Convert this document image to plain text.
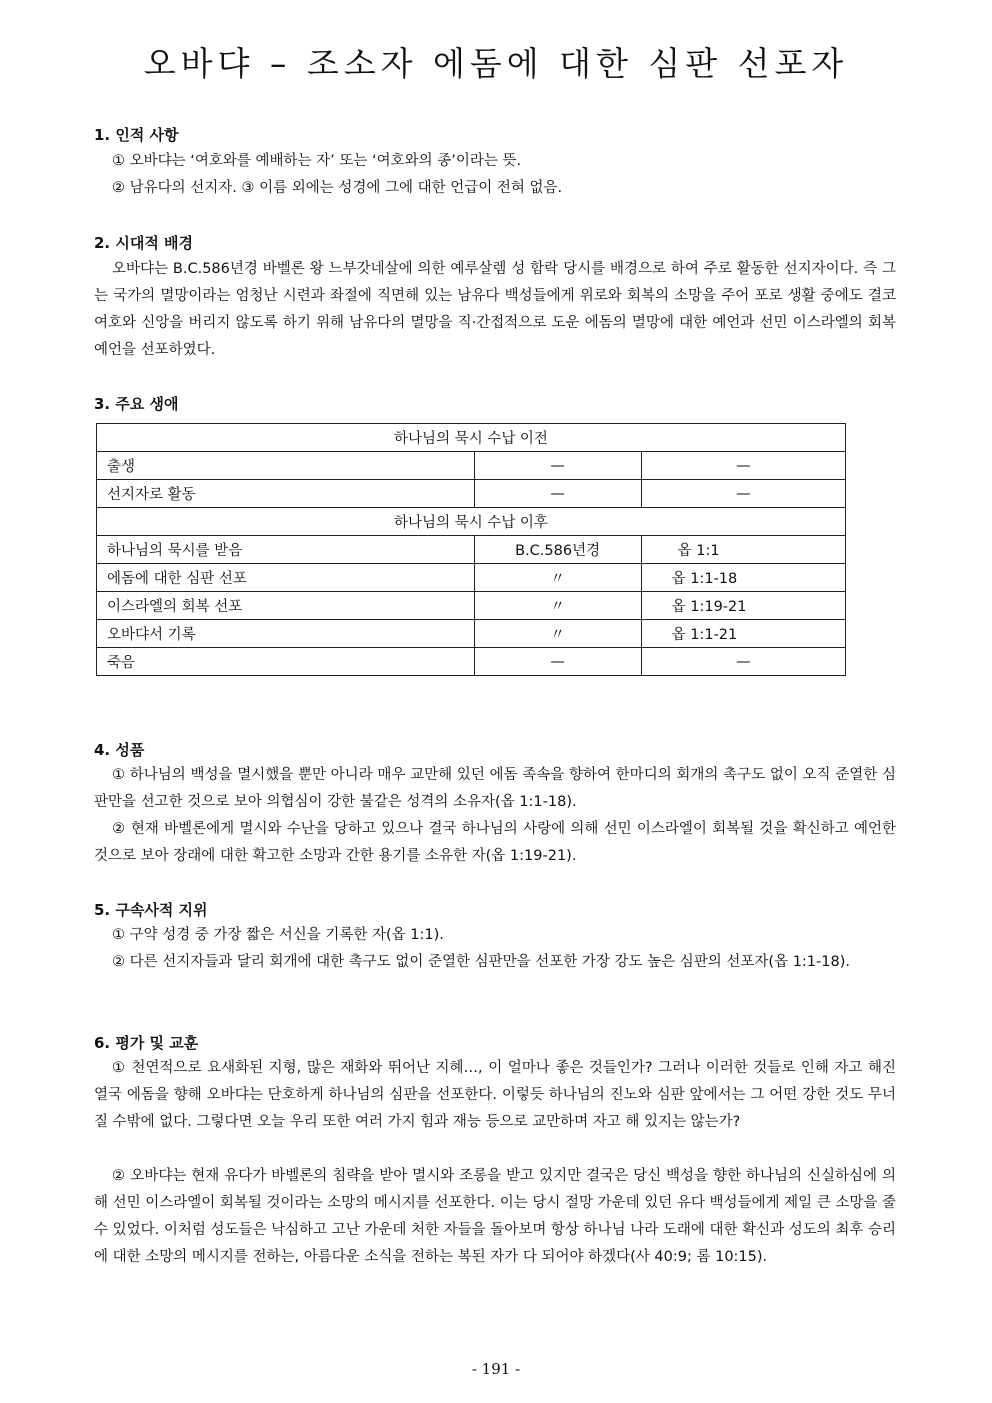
오바댜 – 조소자 에돔에 대한 심판 선포자
1. 인적 사항

① 오바댜는 ‘여호와를 예배하는 자’ 또는 ‘여호와의 종’이라는 뜻.

② 남유다의 선지자. ③ 이름 외에는 성경에 그에 대한 언급이 전혀 없음.

2. 시대적 배경

오바댜는 B.C.586년경 바벨론 왕 느부갓네살에 의한 예루살렘 성 함락 당시를 배경으로 하여 주로 활동한 선지자이다. 즉 그는 국가의 멸망이라는 엄청난 시련과 좌절에 직면해 있는 남유다 백성들에게 위로와 회복의 소망을 주어 포로 생활 중에도 결코 여호와 신앙을 버리지 않도록 하기 위해 남유다의 멸망을 직·간접적으로 도운 에돔의 멸망에 대한 예언과 선민 이스라엘의 회복 예언을 선포하였다.

3. 주요 생애
하나님의 묵시 수납 이전		
출생	—	—
선지자로 활동	—	—
하나님의 묵시 수납 이후		
하나님의 묵시를 받음	B.C.586년경	옵 1:1
에돔에 대한 심판 선포	〃	옵 1:1-18
이스라엘의 회복 선포	〃	옵 1:19-21
오바댜서 기록	〃	옵 1:1-21
죽음	—	—
4. 성품

① 하나님의 백성을 멸시했을 뿐만 아니라 매우 교만해 있던 에돔 족속을 향하여 한마디의 회개의 촉구도 없이 오직 준열한 심판만을 선고한 것으로 보아 의협심이 강한 불같은 성격의 소유자(옵 1:1-18).

② 현재 바벨론에게 멸시와 수난을 당하고 있으나 결국 하나님의 사랑에 의해 선민 이스라엘이 회복될 것을 확신하고 예언한 것으로 보아 장래에 대한 확고한 소망과 간한 용기를 소유한 자(옵 1:19-21).

5. 구속사적 지위

① 구약 성경 중 가장 짧은 서신을 기록한 자(옵 1:1).

② 다른 선지자들과 달리 회개에 대한 촉구도 없이 준열한 심판만을 선포한 가장 강도 높은 심판의 선포자(옵 1:1-18).

6. 평가 및 교훈

① 천연적으로 요새화된 지형, 많은 재화와 뛰어난 지혜…, 이 얼마나 좋은 것들인가? 그러나 이러한 것들로 인해 자고 해진 열국 에돔을 향해 오바댜는 단호하게 하나님의 심판을 선포한다. 이렇듯 하나님의 진노와 심판 앞에서는 그 어떤 강한 것도 무너질 수밖에 없다. 그렇다면 오늘 우리 또한 여러 가지 힘과 재능 등으로 교만하며 자고 해 있지는 않는가?

② 오바댜는 현재 유다가 바벨론의 침략을 받아 멸시와 조롱을 받고 있지만 결국은 당신 백성을 향한 하나님의 신실하심에 의해 선민 이스라엘이 회복될 것이라는 소망의 메시지를 선포한다. 이는 당시 절망 가운데 있던 유다 백성들에게 제일 큰 소망을 줄 수 있었다. 이처럼 성도들은 낙심하고 고난 가운데 처한 자들을 돌아보며 항상 하나님 나라 도래에 대한 확신과 성도의 최후 승리에 대한 소망의 메시지를 전하는, 아름다운 소식을 전하는 복된 자가 다 되어야 하겠다(사 40:9; 롬 10:15).

- 191 -
